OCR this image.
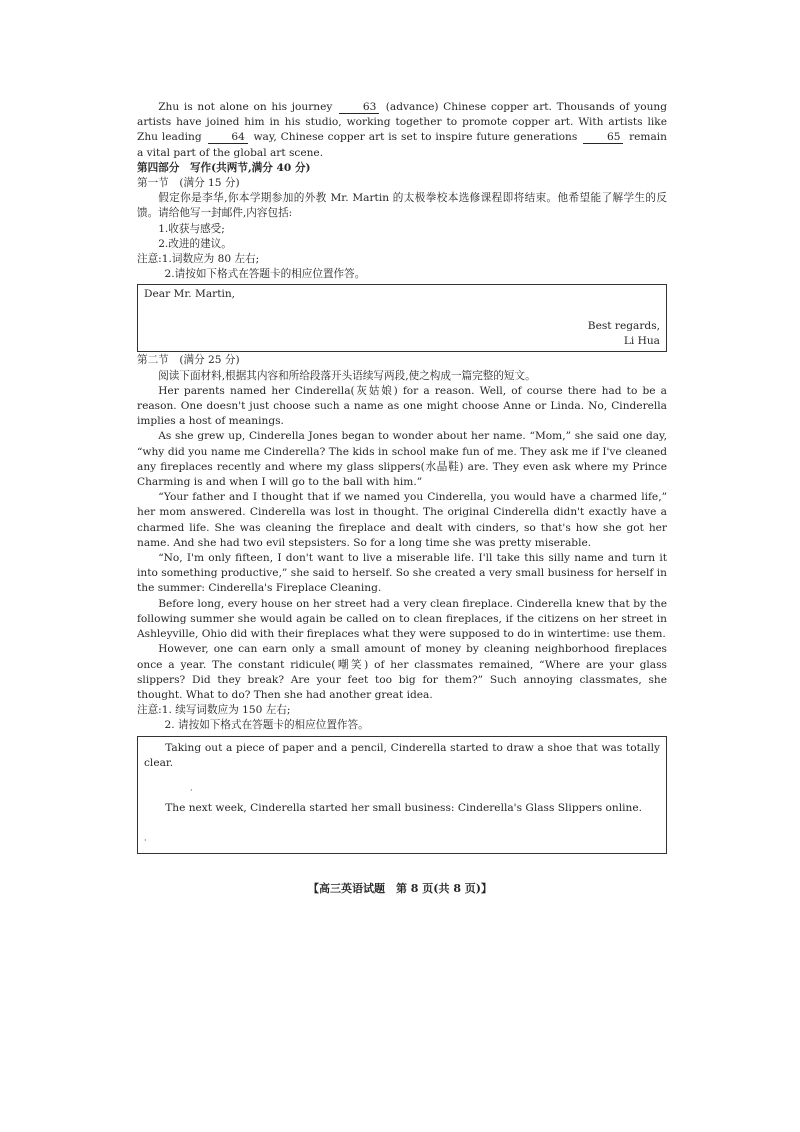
Zhu is not alone on his journey 63 (advance) Chinese copper art. Thousands of young artists have joined him in his studio, working together to promote copper art. With artists like Zhu leading 64 way, Chinese copper art is set to inspire future generations 65 remain a vital part of the global art scene.

第四部分　写作(共两节,满分 40 分)

第一节　(满分 15 分)

假定你是李华,你本学期参加的外教 Mr. Martin 的太极拳校本选修课程即将结束。他希望能了解学生的反馈。请给他写一封邮件,内容包括:

1.收获与感受;

2.改进的建议。

注意:1.词数应为 80 左右;

2.请按如下格式在答题卡的相应位置作答。

Dear Mr. Martin,
Best regards,
Li Hua

第二节　(满分 25 分)

阅读下面材料,根据其内容和所给段落开头语续写两段,使之构成一篇完整的短文。

Her parents named her Cinderella(灰姑娘) for a reason. Well, of course there had to be a reason. One doesn't just choose such a name as one might choose Anne or Linda. No, Cinderella implies a host of meanings.

As she grew up, Cinderella Jones began to wonder about her name. “Mom,” she said one day, “why did you name me Cinderella? The kids in school make fun of me. They ask me if I've cleaned any fireplaces recently and where my glass slippers(水晶鞋) are. They even ask where my Prince Charming is and when I will go to the ball with him.”

“Your father and I thought that if we named you Cinderella, you would have a charmed life,” her mom answered. Cinderella was lost in thought. The original Cinderella didn't exactly have a charmed life. She was cleaning the fireplace and dealt with cinders, so that's how she got her name. And she had two evil stepsisters. So for a long time she was pretty miserable.

“No, I'm only fifteen, I don't want to live a miserable life. I'll take this silly name and turn it into something productive,” she said to herself. So she created a very small business for herself in the summer: Cinderella's Fireplace Cleaning.

Before long, every house on her street had a very clean fireplace. Cinderella knew that by the following summer she would again be called on to clean fireplaces, if the citizens on her street in Ashleyville, Ohio did with their fireplaces what they were supposed to do in wintertime: use them.

However, one can earn only a small amount of money by cleaning neighborhood fireplaces once a year. The constant ridicule(嘲笑) of her classmates remained, “Where are your glass slippers? Did they break? Are your feet too big for them?” Such annoying classmates, she thought. What to do? Then she had another great idea.

注意:1. 续写词数应为 150 左右;

2. 请按如下格式在答题卡的相应位置作答。

Taking out a piece of paper and a pencil, Cinderella started to draw a shoe that was totally clear.

·

The next week, Cinderella started her small business: Cinderella's Glass Slippers online.

·
【高三英语试题　第 8 页(共 8 页)】
